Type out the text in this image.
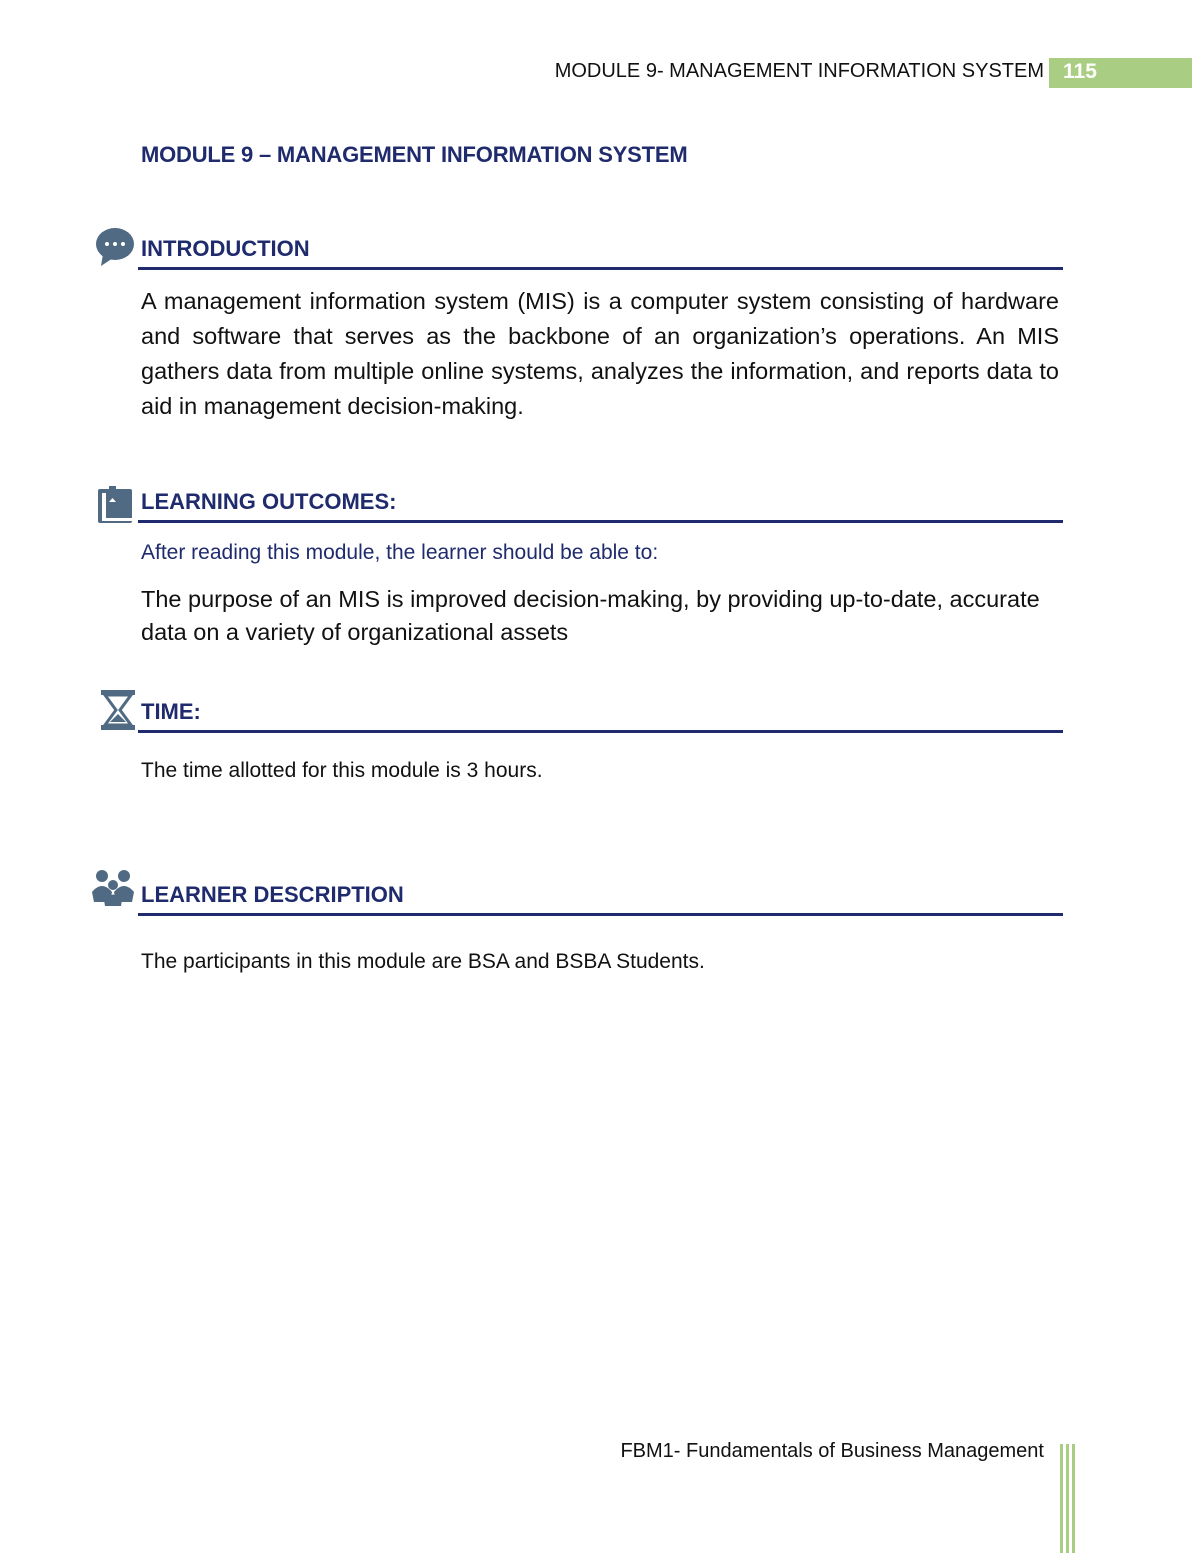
MODULE 9- MANAGEMENT INFORMATION SYSTEM 115
MODULE 9 – MANAGEMENT INFORMATION SYSTEM
INTRODUCTION
A management information system (MIS) is a computer system consisting of hardware and software that serves as the backbone of an organization’s operations. An MIS gathers data from multiple online systems, analyzes the information, and reports data to aid in management decision-making.
LEARNING OUTCOMES:
After reading this module, the learner should be able to:
The purpose of an MIS is improved decision-making, by providing up-to-date, accurate data on a variety of organizational assets
TIME:
The time allotted for this module is 3 hours.
LEARNER DESCRIPTION
The participants in this module are BSA and BSBA Students.
FBM1- Fundamentals of Business Management
